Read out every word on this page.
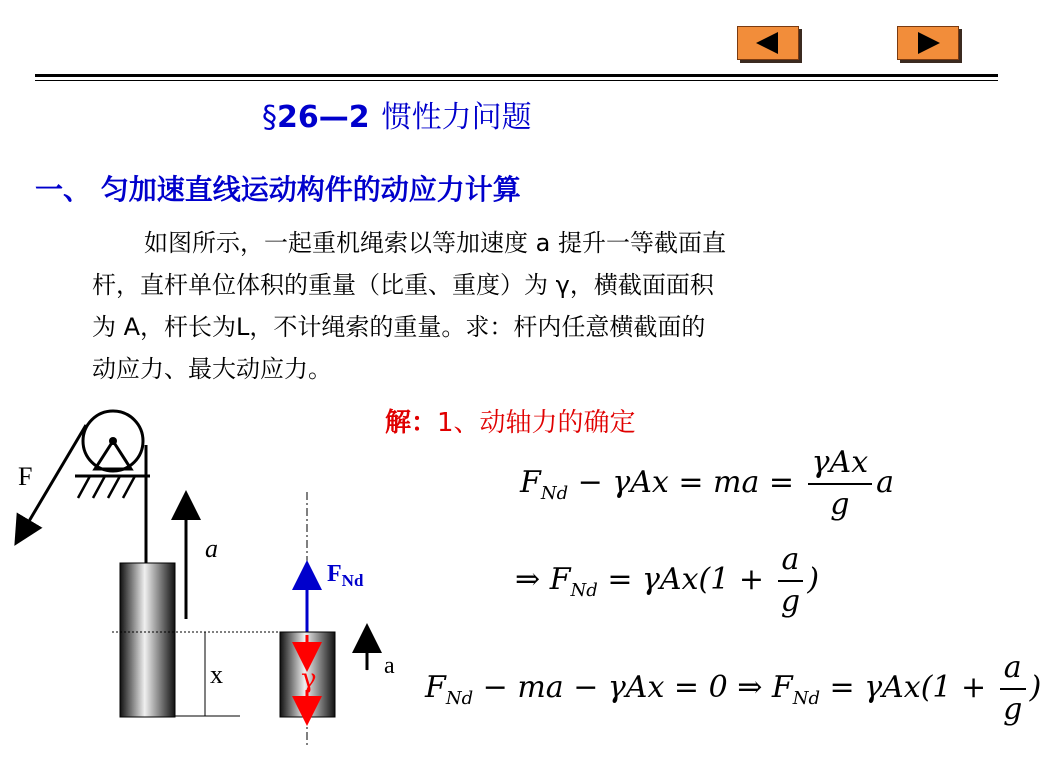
§26—2 惯性力问题
一、 匀加速直线运动构件的动应力计算
如图所示，一起重机绳索以等加速度 a 提升一等截面直
杆，直杆单位体积的重量（比重、重度）为 γ，横截面面积
为 A，杆长为L，不计绳索的重量。求：杆内任意横截面的
动应力、最大动应力。
解：1、动轴力的确定
F
x
a
$F_{Nd}$
γ	a
$F_{Nd} - \gamma Ax$ = ma = $\frac{\text{γAx}}{g}$ a
⇒ $F_{Nd} = \gamma Ax(1 + \frac{a}{g}$ )
$F_{Nd}$ − ma − γAx = 0 ⇒ $F_{Nd} = \gamma Ax(1 + \frac{a}{g}$ )
